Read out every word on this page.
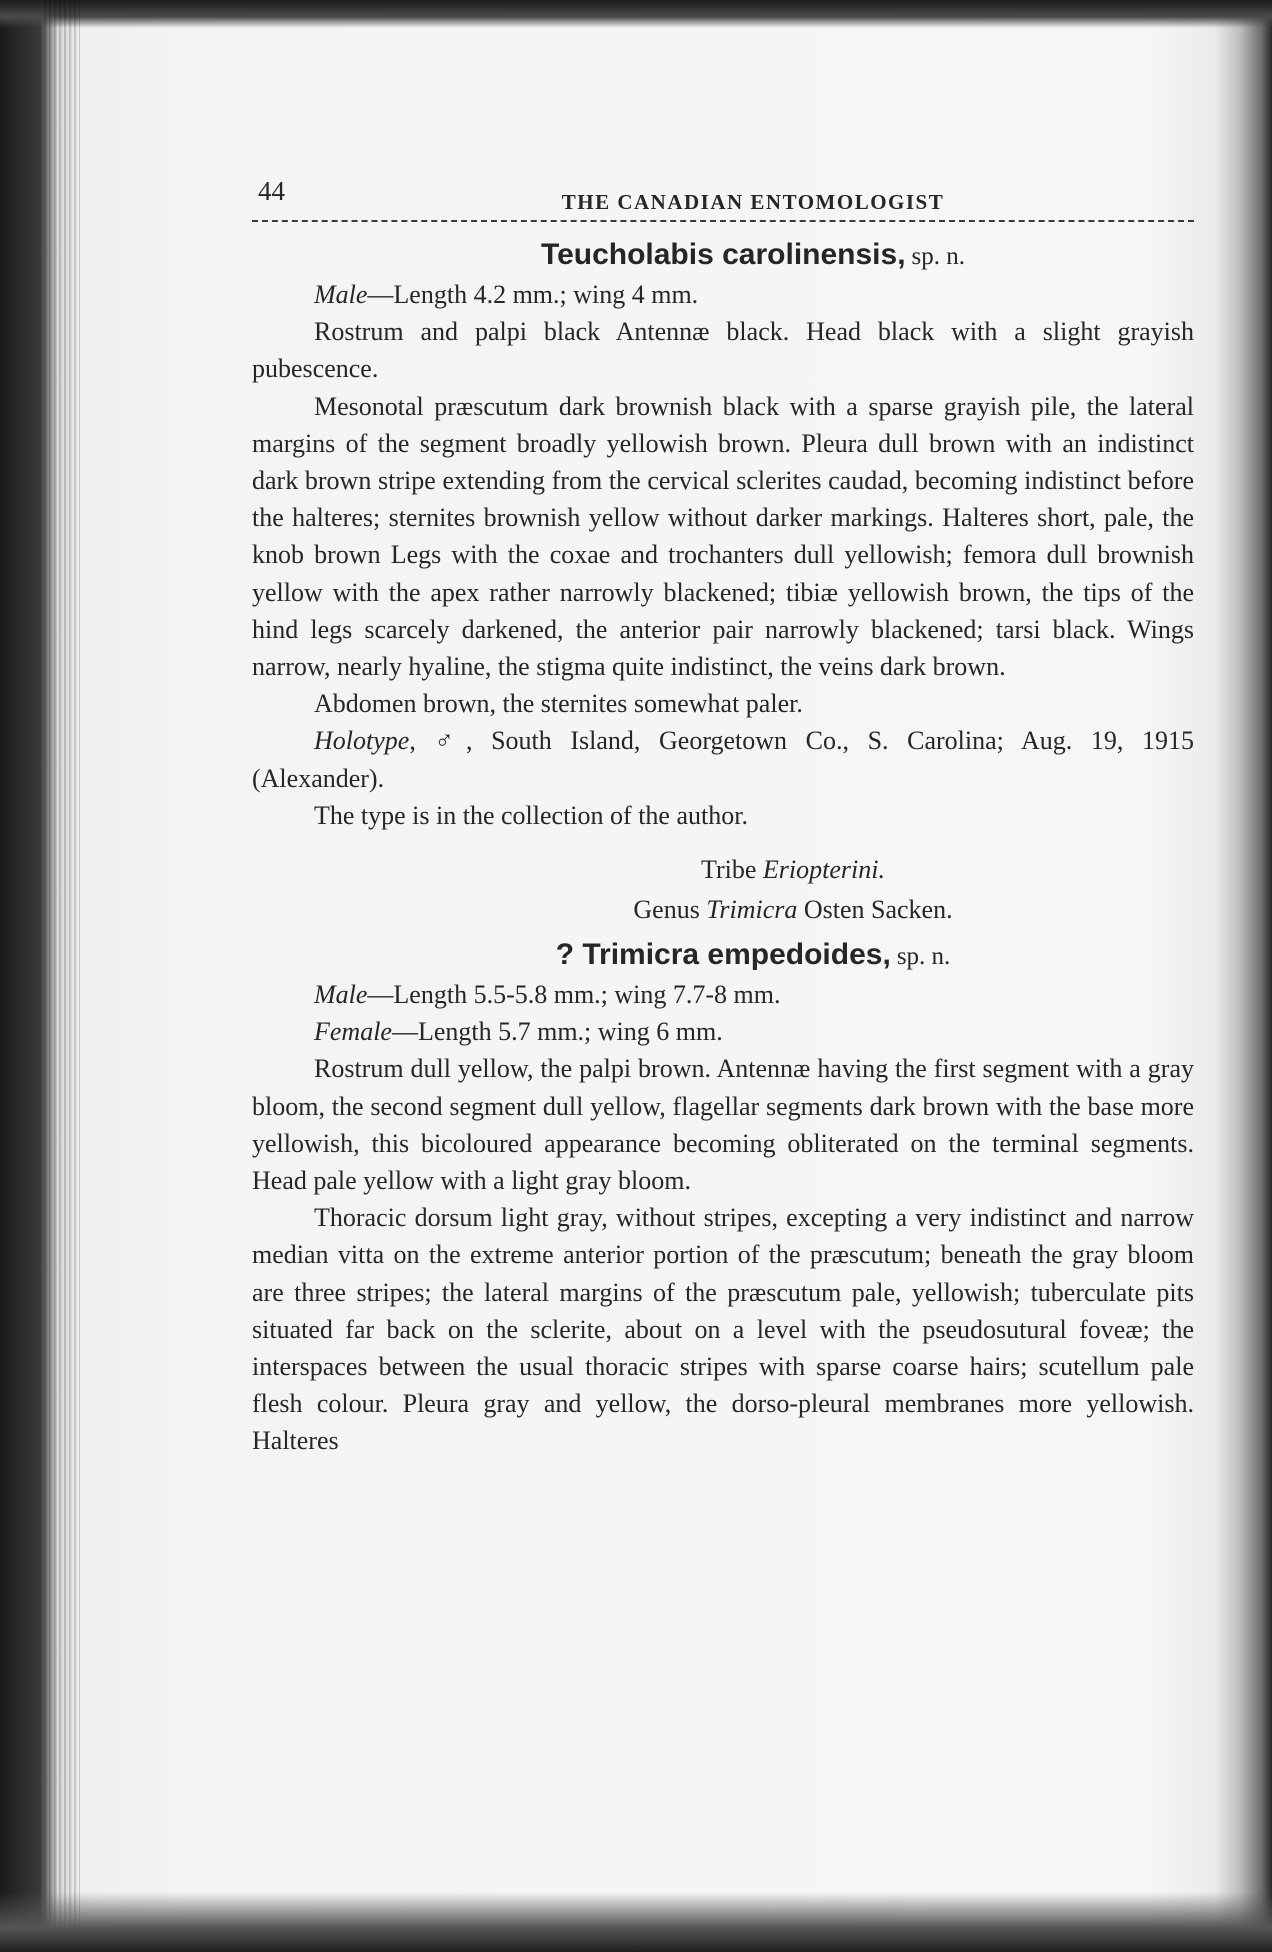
44	THE CANADIAN ENTOMOLOGIST
Teucholabis carolinensis, sp. n.

Male—Length 4.2 mm.; wing 4 mm.

Rostrum and palpi black Antennæ black. Head black with a slight grayish pubescence.

Mesonotal præscutum dark brownish black with a sparse grayish pile, the lateral margins of the segment broadly yellowish brown. Pleura dull brown with an indistinct dark brown stripe extending from the cervical sclerites caudad, becoming indistinct before the halteres; sternites brownish yellow without darker markings. Halteres short, pale, the knob brown Legs with the coxae and trochanters dull yellowish; femora dull brownish yellow with the apex rather narrowly blackened; tibiæ yellowish brown, the tips of the hind legs scarcely darkened, the anterior pair narrowly blackened; tarsi black. Wings narrow, nearly hyaline, the stigma quite indistinct, the veins dark brown.

Abdomen brown, the sternites somewhat paler.

Holotype, ♂, South Island, Georgetown Co., S. Carolina; Aug. 19, 1915 (Alexander).

The type is in the collection of the author.

Tribe Eriopterini.
Genus Trimicra Osten Sacken.
? Trimicra empedoides, sp. n.

Male—Length 5.5-5.8 mm.; wing 7.7-8 mm.

Female—Length 5.7 mm.; wing 6 mm.

Rostrum dull yellow, the palpi brown. Antennæ having the first segment with a gray bloom, the second segment dull yellow, flagellar segments dark brown with the base more yellowish, this bicoloured appearance becoming obliterated on the terminal segments. Head pale yellow with a light gray bloom.

Thoracic dorsum light gray, without stripes, excepting a very indistinct and narrow median vitta on the extreme anterior portion of the præscutum; beneath the gray bloom are three stripes; the lateral margins of the præscutum pale, yellowish; tuberculate pits situated far back on the sclerite, about on a level with the pseudosutural foveæ; the interspaces between the usual thoracic stripes with sparse coarse hairs; scutellum pale flesh colour. Pleura gray and yellow, the dorso-pleural membranes more yellowish. Halteres
